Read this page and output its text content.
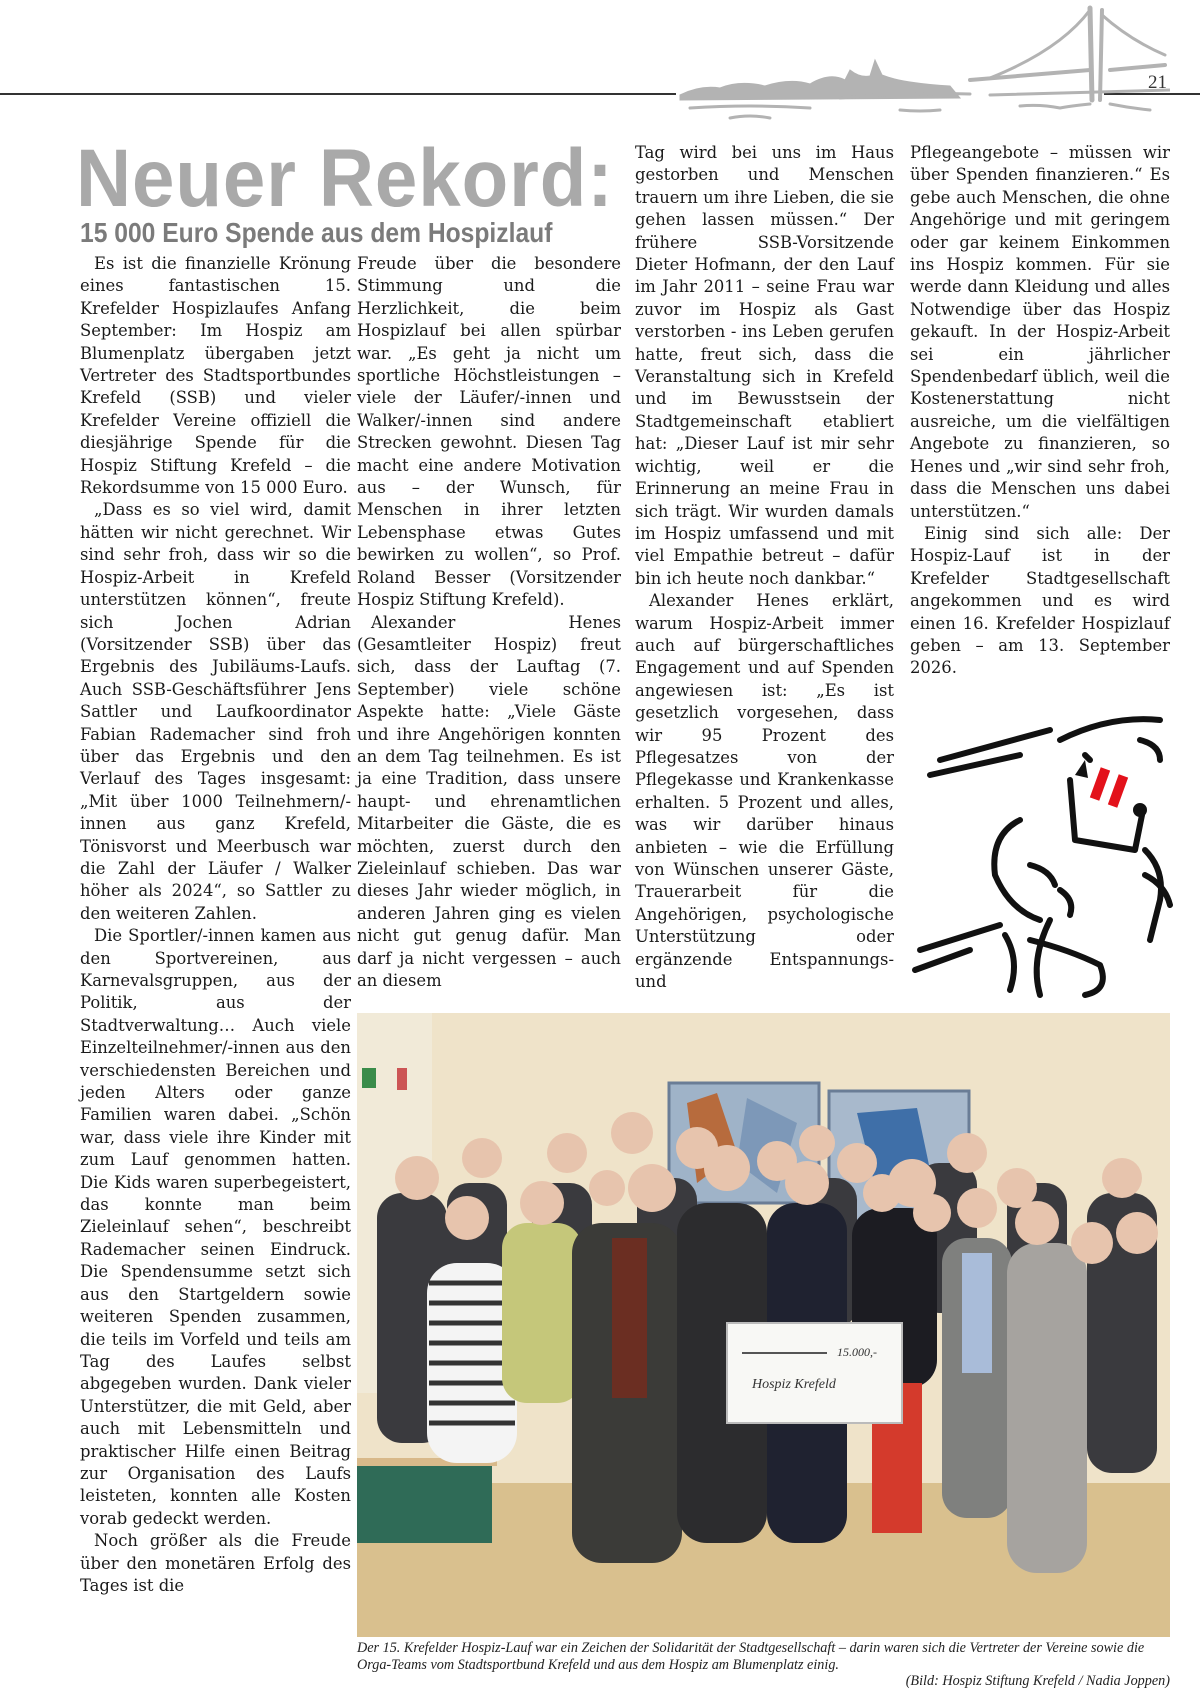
21
Neuer Rekord:
15 000 Euro Spende aus dem Hospizlauf

Es ist die finanzielle Krönung eines fantastischen 15. Krefelder Hospizlaufes Anfang September: Im Hospiz am Blumenplatz übergaben jetzt Vertreter des Stadtsportbundes Krefeld (SSB) und vieler Krefelder Vereine offiziell die diesjährige Spende für die Hospiz Stiftung Krefeld – die Rekordsumme von 15 000 Euro.

„Dass es so viel wird, damit hätten wir nicht gerechnet. Wir sind sehr froh, dass wir so die Hospiz-Arbeit in Krefeld unterstützen können“, freute sich Jochen Adrian (Vorsitzender SSB) über das Ergebnis des Jubiläums-Laufs. Auch SSB-Geschäftsführer Jens Sattler und Laufkoordinator Fabian Rademacher sind froh über das Ergebnis und den Verlauf des Tages insgesamt: „Mit über 1000 Teilnehmern/-innen aus ganz Krefeld, Tönisvorst und Meerbusch war die Zahl der Läufer / Walker höher als 2024“, so Sattler zu den weiteren Zahlen.

Die Sportler/-innen kamen aus den Sportvereinen, aus Karnevalsgruppen, aus der Politik, aus der Stadtverwaltung… Auch viele Einzelteilnehmer/-innen aus den verschiedensten Bereichen und jeden Alters oder ganze Familien waren dabei. „Schön war, dass viele ihre Kinder mit zum Lauf genommen hatten. Die Kids waren superbegeistert, das konnte man beim Zieleinlauf sehen“, beschreibt Rademacher seinen Eindruck. Die Spendensumme setzt sich aus den Startgeldern sowie weiteren Spenden zusammen, die teils im Vorfeld und teils am Tag des Laufes selbst abgegeben wurden. Dank vieler Unterstützer, die mit Geld, aber auch mit Lebensmitteln und praktischer Hilfe einen Beitrag zur Organisation des Laufs leisteten, konnten alle Kosten vorab gedeckt werden.

Noch größer als die Freude über den monetären Erfolg des Tages ist die

Freude über die besondere Stimmung und die Herzlichkeit, die beim Hospizlauf bei allen spürbar war. „Es geht ja nicht um sportliche Höchstleistungen – viele der Läufer/-innen und Walker/-innen sind andere Strecken gewohnt. Diesen Tag macht eine andere Motivation aus – der Wunsch, für Menschen in ihrer letzten Lebensphase etwas Gutes bewirken zu wollen“, so Prof. Roland Besser (Vorsitzender Hospiz Stiftung Krefeld).

Alexander Henes (Gesamtleiter Hospiz) freut sich, dass der Lauftag (7. September) viele schöne Aspekte hatte: „Viele Gäste und ihre Angehörigen konnten an dem Tag teilnehmen. Es ist ja eine Tradition, dass unsere haupt- und ehrenamtlichen Mitarbeiter die Gäste, die es möchten, zuerst durch den Zieleinlauf schieben. Das war dieses Jahr wieder möglich, in anderen Jahren ging es vielen nicht gut genug dafür. Man darf ja nicht vergessen – auch an diesem

Tag wird bei uns im Haus gestorben und Menschen trauern um ihre Lieben, die sie gehen lassen müssen.“ Der frühere SSB-Vorsitzende Dieter Hofmann, der den Lauf im Jahr 2011 – seine Frau war zuvor im Hospiz als Gast verstorben - ins Leben gerufen hatte, freut sich, dass die Veranstaltung sich in Krefeld und im Bewusstsein der Stadtgemeinschaft etabliert hat: „Dieser Lauf ist mir sehr wichtig, weil er die Erinnerung an meine Frau in sich trägt. Wir wurden damals im Hospiz umfassend und mit viel Empathie betreut – dafür bin ich heute noch dankbar.“

Alexander Henes erklärt, warum Hospiz-Arbeit immer auch auf bürgerschaftliches Engagement und auf Spenden angewiesen ist: „Es ist gesetzlich vorgesehen, dass wir 95 Prozent des Pflegesatzes von der Pflegekasse und Krankenkasse erhalten. 5 Prozent und alles, was wir darüber hinaus anbieten – wie die Erfüllung von Wünschen unserer Gäste, Trauerarbeit für die Angehörigen, psychologische Unterstützung oder ergänzende Entspannungs- und

Pflegeangebote – müssen wir über Spenden finanzieren.“ Es gebe auch Menschen, die ohne Angehörige und mit geringem oder gar keinem Einkommen ins Hospiz kommen. Für sie werde dann Kleidung und alles Notwendige über das Hospiz gekauft. In der Hospiz-Arbeit sei ein jährlicher Spendenbedarf üblich, weil die Kostenerstattung nicht ausreiche, um die vielfältigen Angebote zu finanzieren, so Henes und „wir sind sehr froh, dass die Menschen uns dabei unterstützen.“

Einig sind sich alle: Der Hospiz-Lauf ist in der Krefelder Stadtgesellschaft angekommen und es wird einen 16. Krefelder Hospizlauf geben – am 13. September 2026.

15.000,-
Hospiz Krefeld
Der 15. Krefelder Hospiz-Lauf war ein Zeichen der Solidarität der Stadtgesellschaft – darin waren sich die Vertreter der Vereine sowie die Orga-Teams vom Stadtsportbund Krefeld und aus dem Hospiz am Blumenplatz einig.
(Bild: Hospiz Stiftung Krefeld / Nadia Joppen)
